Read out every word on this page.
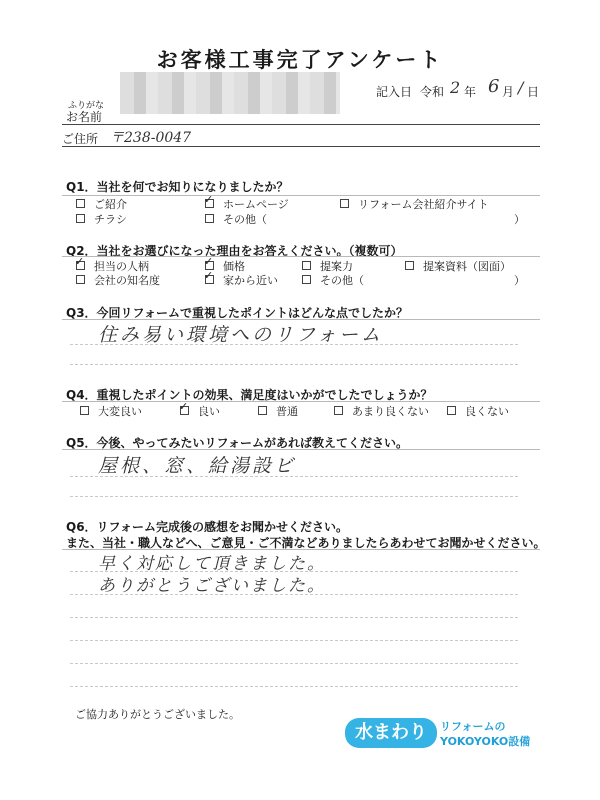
お客様工事完了アンケート
記入日 令和 2 年 6 月 / 日
ふりがな
お名前
ご住所 〒238-0047
Q1．当社を何でお知りになりましたか？
ご紹介 ✓	ホームページ	リフォーム会社紹介サイト
チラシ	その他（	）
Q2．当社をお選びになった理由をお答えください。（複数可）
✓担当の人柄 ✓	価格	提案力	提案資料（図面）
会社の知名度 ✓	家から近い	その他（	）
Q3．今回リフォームで重視したポイントはどんな点でしたか？
住み易い環境へのリフォーム
Q4．重視したポイントの効果、満足度はいかがでしたでしょうか？
大変良い ✓	良い	普通	あまり良くない	良くない
Q5．今後、やってみたいリフォームがあれば教えてください。
屋根、窓、給湯設ビ
Q6．リフォーム完成後の感想をお聞かせください。
また、当社・職人などへ、ご意見・ご不満などありましたらあわせてお聞かせください。
早く対応して頂きました。
ありがとうございました。
ご協力ありがとうございました。
水まわり	リフォームの
YOKOYOKO設備
